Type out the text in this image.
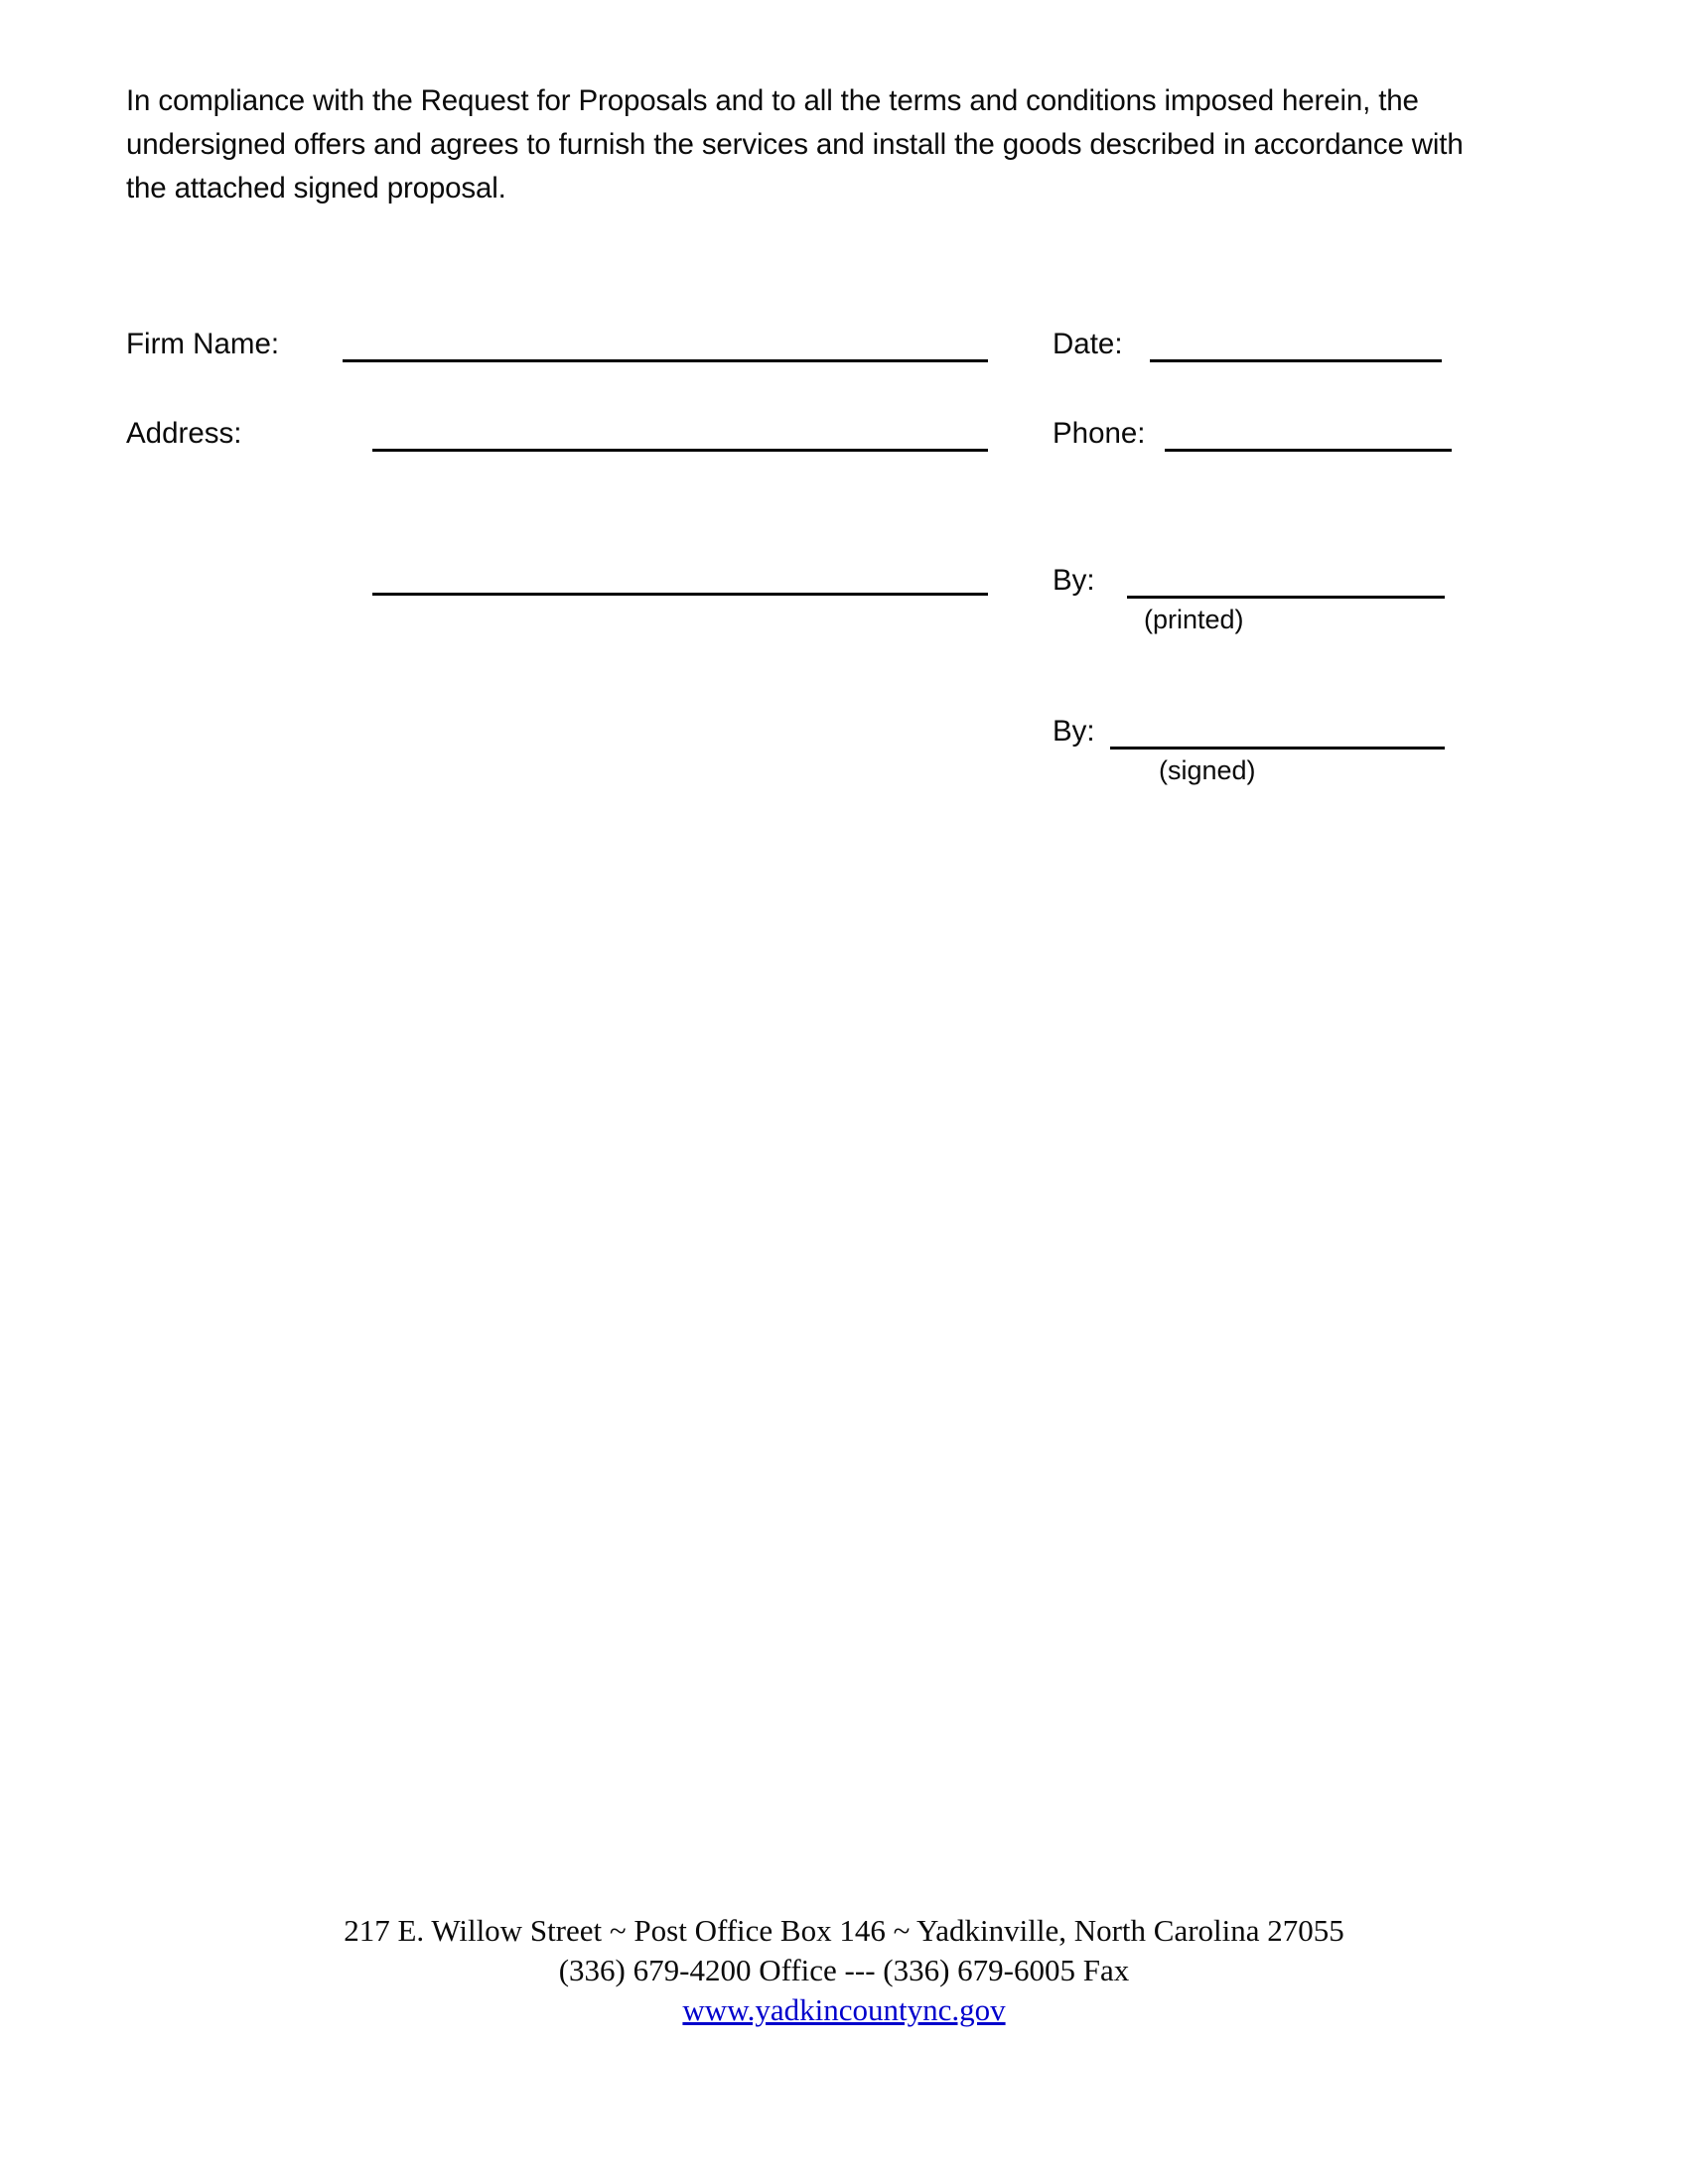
In compliance with the Request for Proposals and to all the terms and conditions imposed herein, the undersigned offers and agrees to furnish the services and install the goods described in accordance with the attached signed proposal.
Firm Name:
Address:
Date:
Phone:
By:
(printed)
By:
(signed)
217 E. Willow Street ~ Post Office Box 146 ~ Yadkinville, North Carolina 27055
(336) 679-4200 Office --- (336) 679-6005 Fax
www.yadkincountync.gov
